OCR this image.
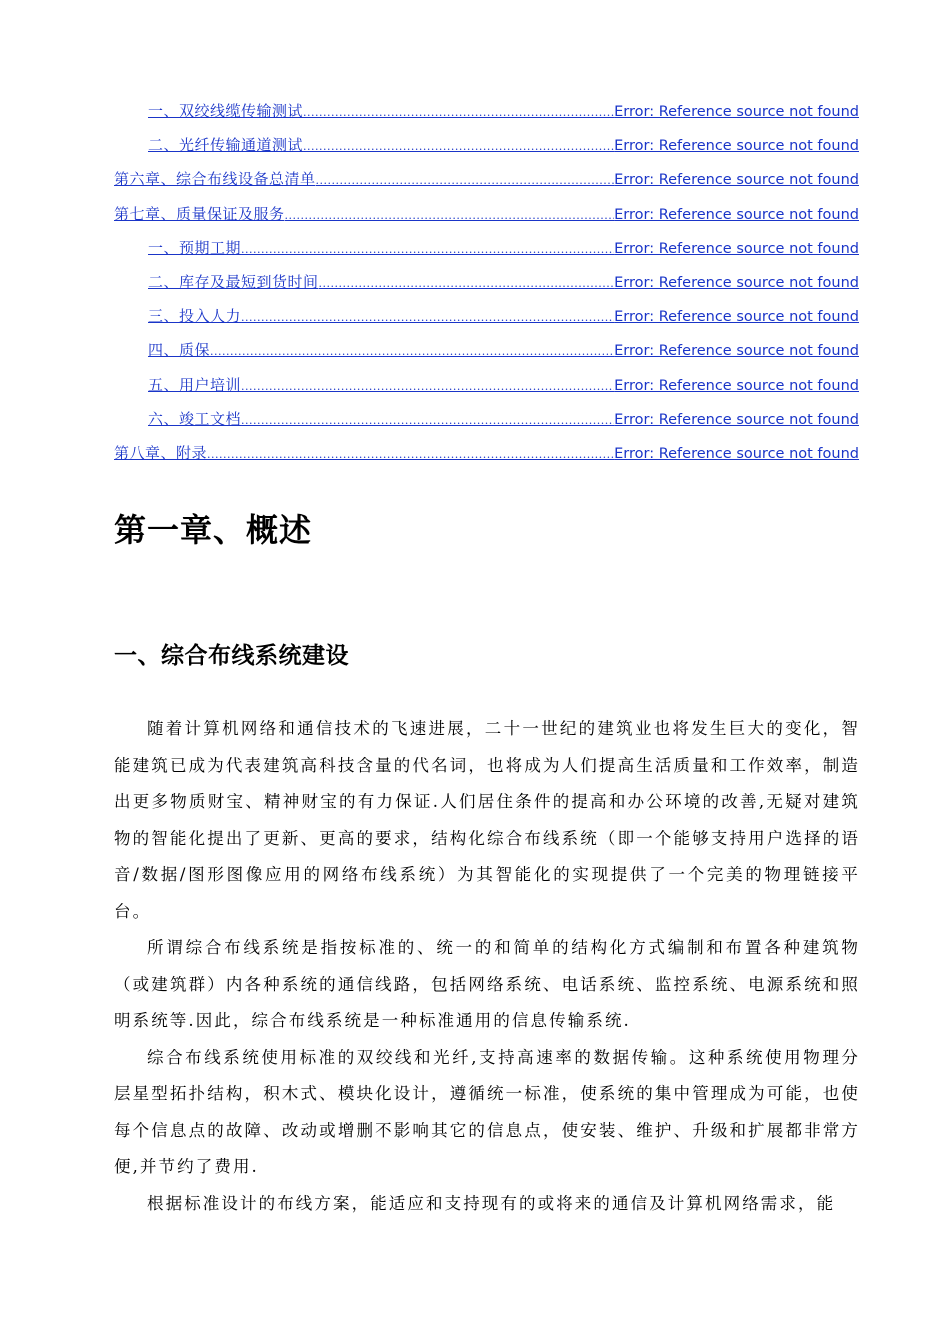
一、双绞线缆传输测试 .....	Error: Reference source not found
二、光纤传输通道测试 .....	Error: Reference source not found
第六章、综合布线设备总清单 .....	Error: Reference source not found
第七章、质量保证及服务 .....	Error: Reference source not found
一、预期工期 .....	Error: Reference source not found
二、库存及最短到货时间 .....	Error: Reference source not found
三、投入人力 .....	Error: Reference source not found
四、质保 .....	Error: Reference source not found
五、用户培训 .....	Error: Reference source not found
六、竣工文档 .....	Error: Reference source not found
第八章、附录 .....	Error: Reference source not found
第一章、概述
一、综合布线系统建设

随着计算机网络和通信技术的飞速进展，二十一世纪的建筑业也将发生巨大的变化，智能建筑已成为代表建筑高科技含量的代名词，也将成为人们提高生活质量和工作效率，制造出更多物质财宝、精神财宝的有力保证.人们居住条件的提高和办公环境的改善,无疑对建筑物的智能化提出了更新、更高的要求，结构化综合布线系统（即一个能够支持用户选择的语音/数据/图形图像应用的网络布线系统）为其智能化的实现提供了一个完美的物理链接平台。

所谓综合布线系统是指按标准的、统一的和简单的结构化方式编制和布置各种建筑物（或建筑群）内各种系统的通信线路，包括网络系统、电话系统、监控系统、电源系统和照明系统等.因此，综合布线系统是一种标准通用的信息传输系统.

综合布线系统使用标准的双绞线和光纤,支持高速率的数据传输。这种系统使用物理分层星型拓扑结构，积木式、模块化设计，遵循统一标准，使系统的集中管理成为可能，也使每个信息点的故障、改动或增删不影响其它的信息点，使安装、维护、升级和扩展都非常方便,并节约了费用.

根据标准设计的布线方案，能适应和支持现有的或将来的通信及计算机网络需求，能
